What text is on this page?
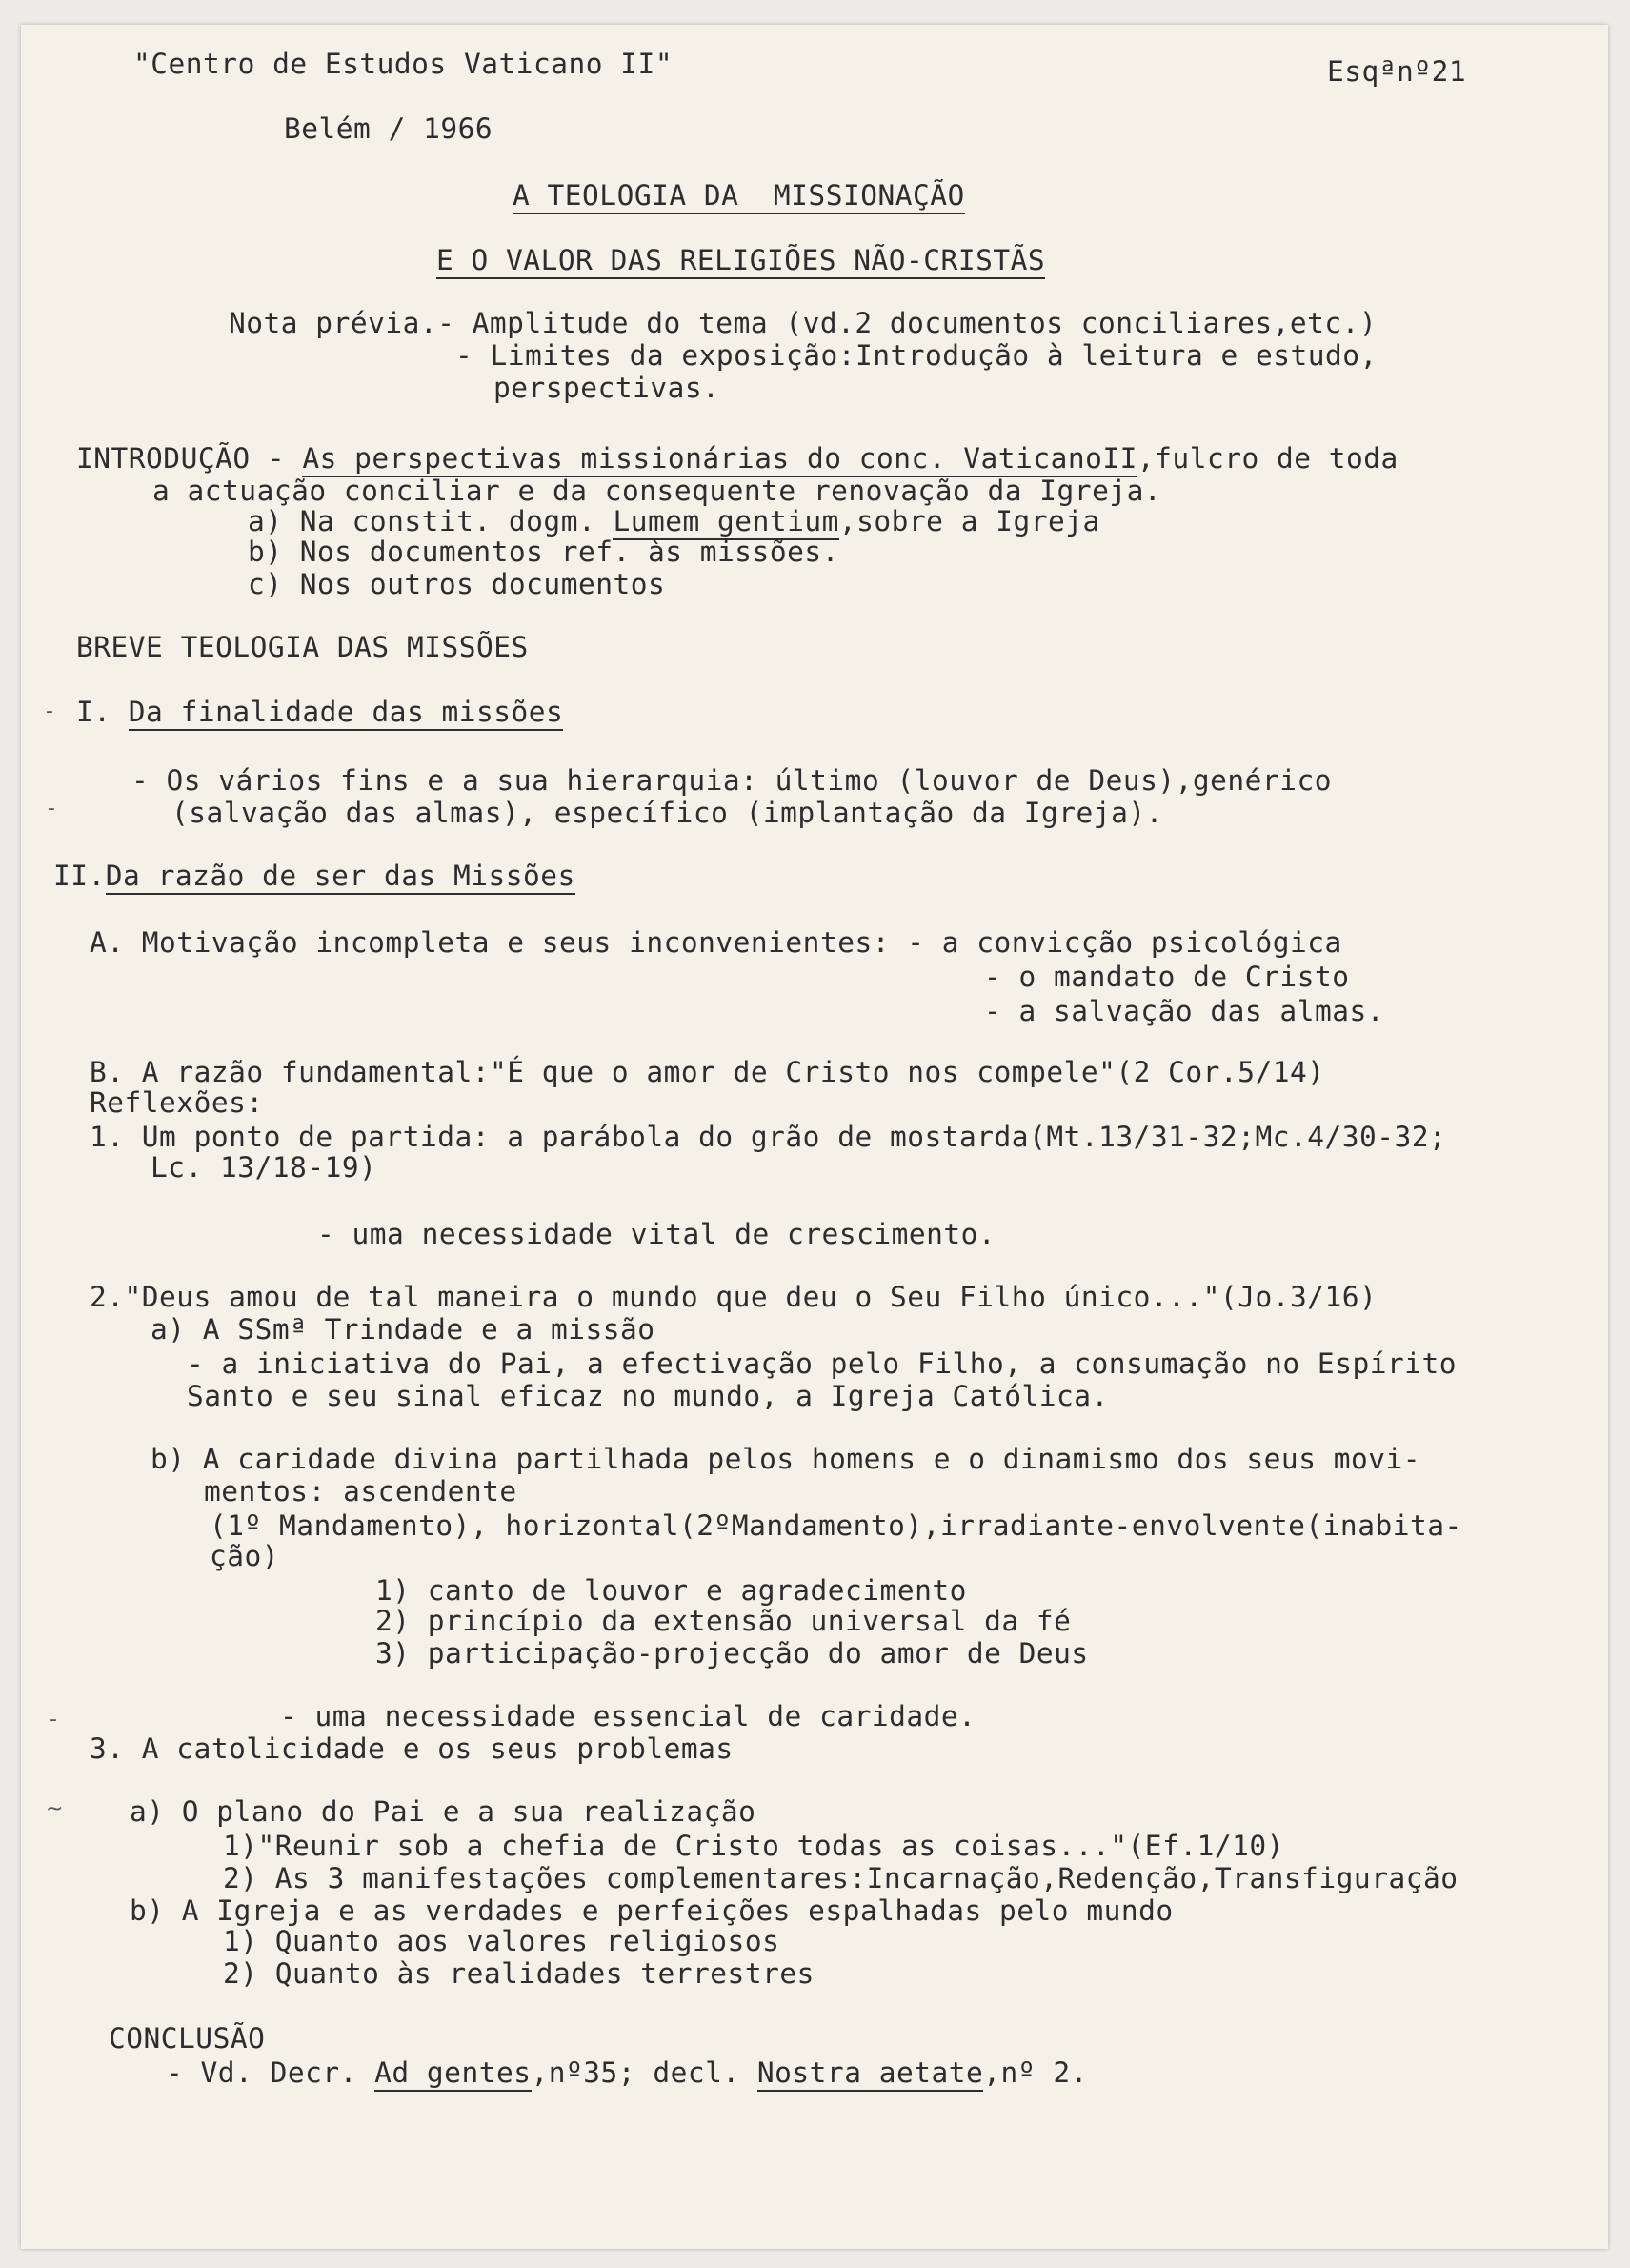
"Centro de Estudos Vaticano II"	Esqªnº21
Belém / 1966
A TEOLOGIA DA  MISSIONAÇÃO
E O VALOR DAS RELIGIÕES NÃO-CRISTÃS
Nota prévia.- Amplitude do tema (vd.2 documentos conciliares,etc.)
- Limites da exposição:Introdução à leitura e estudo,
perspectivas.
INTRODUÇÃO - As perspectivas missionárias do conc. VaticanoII,fulcro de toda
a actuação conciliar e da consequente renovação da Igreja.
a) Na constit. dogm. Lumem gentium,sobre a Igreja
b) Nos documentos ref. às missões.
c) Nos outros documentos
BREVE TEOLOGIA DAS MISSÕES
I. Da finalidade das missões
- Os vários fins e a sua hierarquia: último (louvor de Deus),genérico
(salvação das almas), específico (implantação da Igreja).
II.Da razão de ser das Missões
A. Motivação incompleta e seus inconvenientes: - a convicção psicológica
- o mandato de Cristo
- a salvação das almas.
B. A razão fundamental:"É que o amor de Cristo nos compele"(2 Cor.5/14)
Reflexões:
1. Um ponto de partida: a parábola do grão de mostarda(Mt.13/31-32;Mc.4/30-32;
Lc. 13/18-19)
- uma necessidade vital de crescimento.
2."Deus amou de tal maneira o mundo que deu o Seu Filho único..."(Jo.3/16)
a) A SSmª Trindade e a missão
- a iniciativa do Pai, a efectivação pelo Filho, a consumação no Espírito
Santo e seu sinal eficaz no mundo, a Igreja Católica.
b) A caridade divina partilhada pelos homens e o dinamismo dos seus movi-
mentos: ascendente
(1º Mandamento), horizontal(2ºMandamento),irradiante-envolvente(inabita-
ção)
1) canto de louvor e agradecimento
2) princípio da extensão universal da fé
3) participação-projecção do amor de Deus
- uma necessidade essencial de caridade.
3. A catolicidade e os seus problemas
a) O plano do Pai e a sua realização
1)"Reunir sob a chefia de Cristo todas as coisas..."(Ef.1/10)
2) As 3 manifestações complementares:Incarnação,Redenção,Transfiguração
b) A Igreja e as verdades e perfeições espalhadas pelo mundo
1) Quanto aos valores religiosos
2) Quanto às realidades terrestres
CONCLUSÃO
- Vd. Decr. Ad gentes,nº35; decl. Nostra aetate,nº 2.
-
-
-
~
